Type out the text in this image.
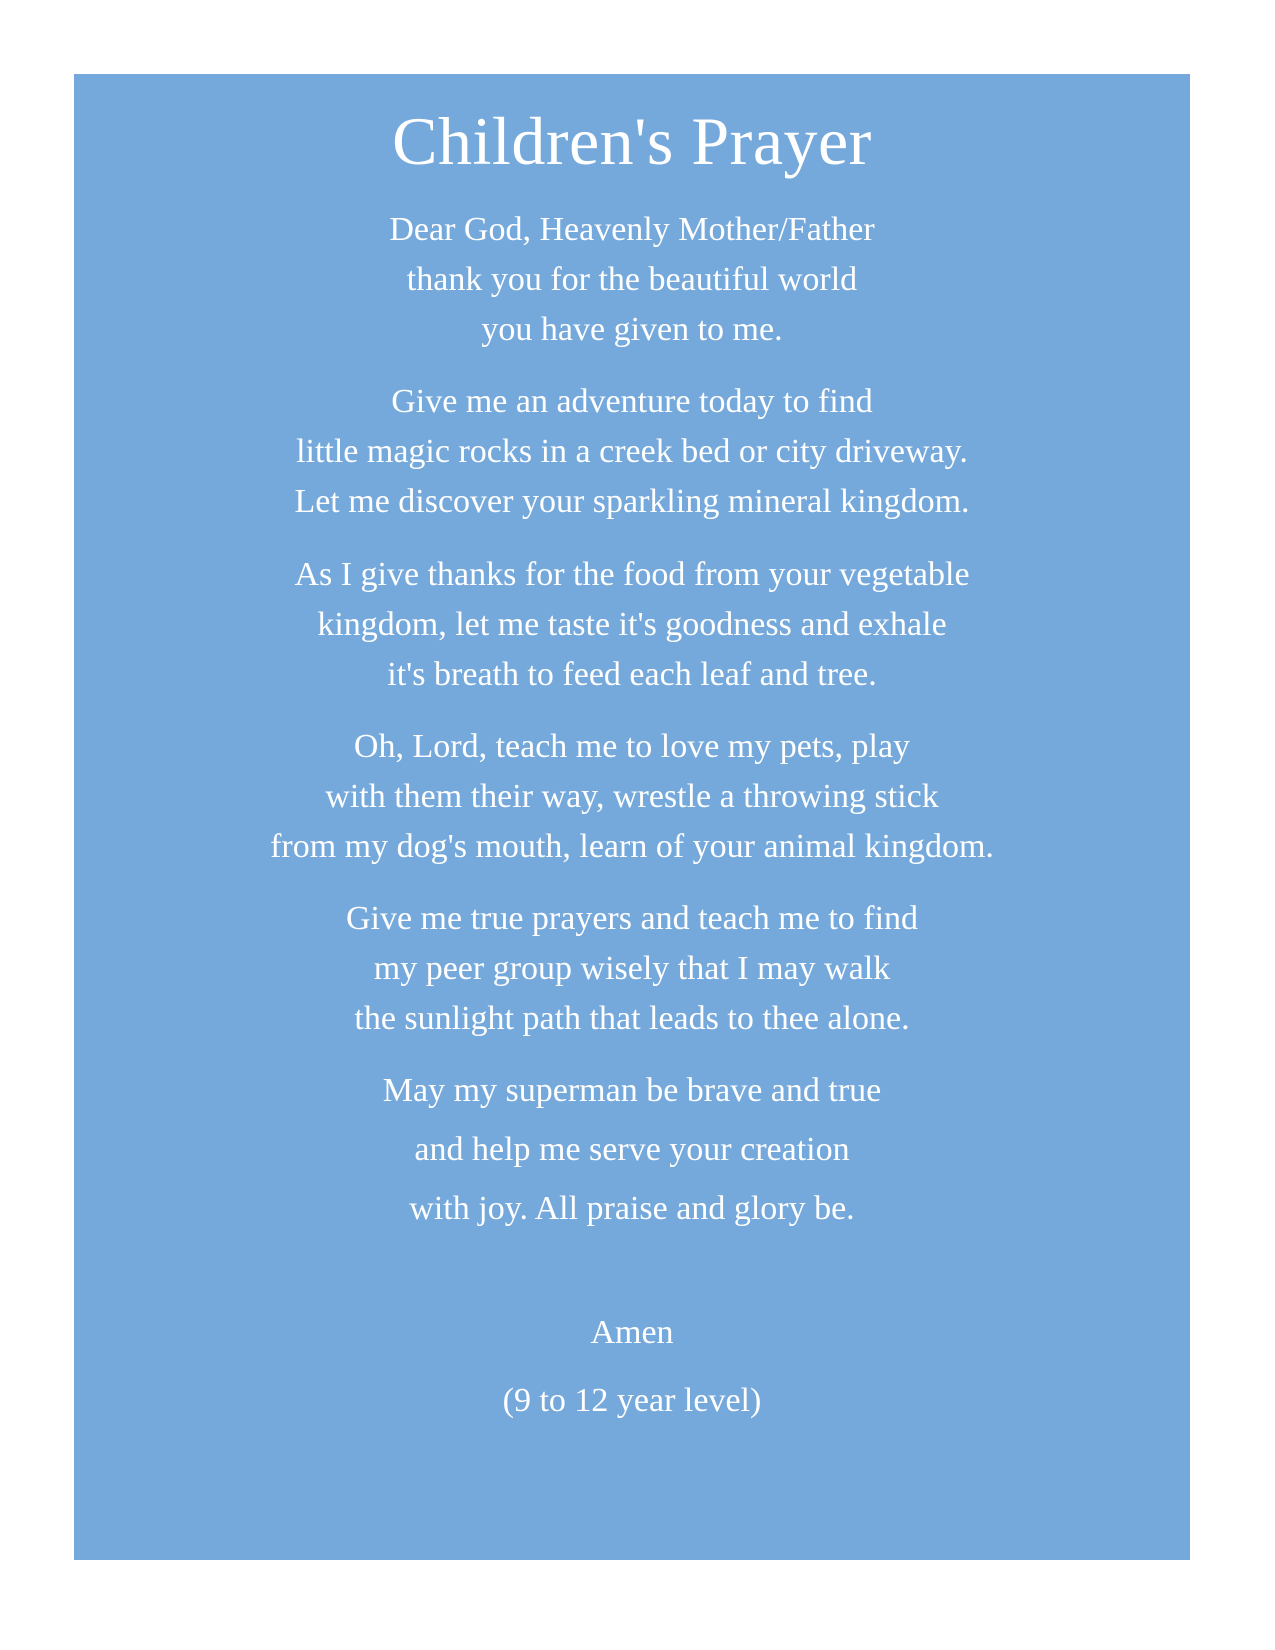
Children's Prayer

Dear God, Heavenly Mother/Father
thank you for the beautiful world
you have given to me.

Give me an adventure today to find
little magic rocks in a creek bed or city driveway.
Let me discover your sparkling mineral kingdom.

As I give thanks for the food from your vegetable
kingdom, let me taste it's goodness and exhale
it's breath to feed each leaf and tree.

Oh, Lord, teach me to love my pets, play
with them their way, wrestle a throwing stick
from my dog's mouth, learn of your animal kingdom.

Give me true prayers and teach me to find
my peer group wisely that I may walk
the sunlight path that leads to thee alone.

May my superman be brave and true
and help me serve your creation
with joy. All praise and glory be.

Amen

(9 to 12 year level)
